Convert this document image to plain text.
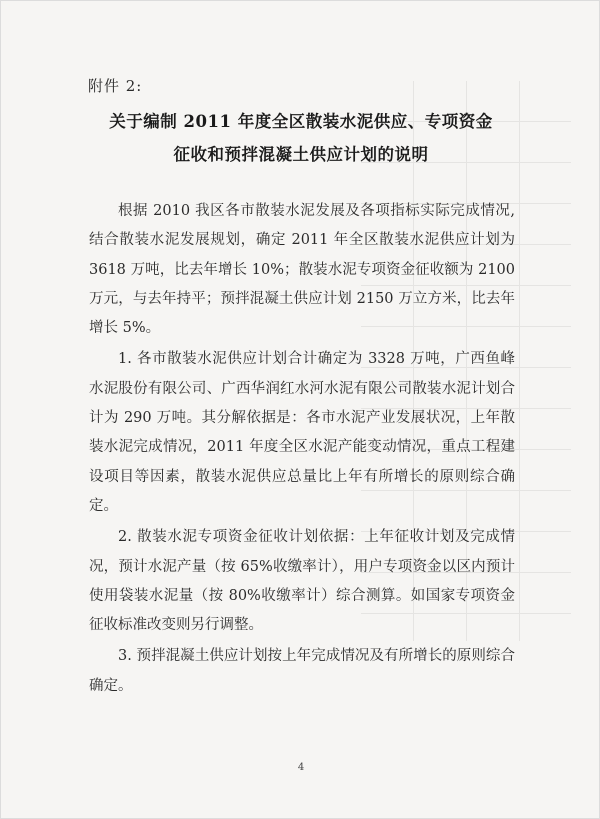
附件 2:
关于编制 2011 年度全区散装水泥供应、专项资金
征收和预拌混凝土供应计划的说明

根据 2010 我区各市散装水泥发展及各项指标实际完成情况,结合散装水泥发展规划，确定 2011 年全区散装水泥供应计划为 3618 万吨，比去年增长 10%；散装水泥专项资金征收额为 2100 万元，与去年持平；预拌混凝土供应计划 2150 万立方米，比去年增长 5%。

1. 各市散装水泥供应计划合计确定为 3328 万吨，广西鱼峰水泥股份有限公司、广西华润红水河水泥有限公司散装水泥计划合计为 290 万吨。其分解依据是：各市水泥产业发展状况，上年散装水泥完成情况，2011 年度全区水泥产能变动情况，重点工程建设项目等因素，散装水泥供应总量比上年有所增长的原则综合确定。

2. 散装水泥专项资金征收计划依据：上年征收计划及完成情况，预计水泥产量（按 65%收缴率计），用户专项资金以区内预计使用袋装水泥量（按 80%收缴率计）综合测算。如国家专项资金征收标准改变则另行调整。

3. 预拌混凝土供应计划按上年完成情况及有所增长的原则综合确定。

4
